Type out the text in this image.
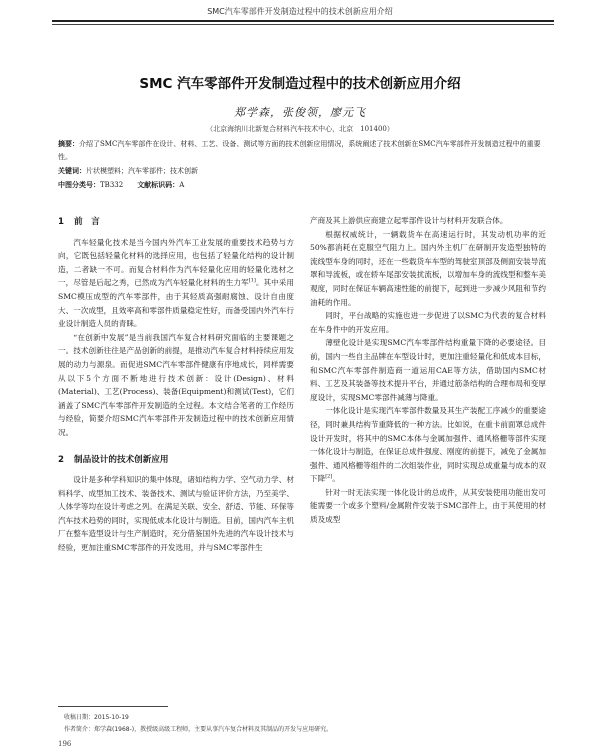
SMC汽车零部件开发制造过程中的技术创新应用介绍
SMC 汽车零部件开发制造过程中的技术创新应用介绍
郑学森，张俊领，廖元飞
（北京海纳川北新复合材料汽车技术中心，北京　101400）
摘要：介绍了SMC汽车零部件在设计、材料、工艺、设备、测试等方面的技术创新应用情况，系统阐述了技术创新在SMC汽车零部件开发制造过程中的重要性。
关键词：片状模塑料；汽车零部件；技术创新
中图分类号：TB332 文献标识码：A
1 前　言

汽车轻量化技术是当今国内外汽车工业发展的重要技术趋势与方向，它既包括轻量化材料的选择应用，也包括了轻量化结构的设计制造，二者缺一不可。而复合材料作为汽车轻量化应用的轻量化选材之一，尽管是后起之秀，已然成为汽车轻量化材料的生力军[1]。其中采用SMC模压成型的汽车零部件，由于其轻质高强耐腐蚀、设计自由度大、一次成型，且效率高和零部件质量稳定性好，而备受国内外汽车行业设计制造人员的青睐。

“在创新中发展”是当前我国汽车复合材料研究面临的主要课题之一。技术创新往往是产品创新的前提，是推动汽车复合材料持续应用发展的动力与源泉。而促进SMC汽车零部件健康有序地成长，同样需要从以下5个方面不断地进行技术创新：设计(Design)、材料(Material)、工艺(Process)、装备(Equipment)和测试(Test)，它们涵盖了SMC汽车零部件开发制造的全过程。本文结合笔者的工作经历与经验，简要介绍SMC汽车零部件开发制造过程中的技术创新应用情况。

2 制品设计的技术创新应用

设计是多种学科知识的集中体现，诸如结构力学、空气动力学、材料科学、成型加工技术、装备技术、测试与验证评价方法，乃至美学、人体学等均在设计考虑之列。在满足关联、安全、舒适、节能、环保等汽车技术趋势的同时，实现低成本化设计与制造。目前，国内汽车主机厂在整车造型设计与生产制造时，充分借鉴国外先进的汽车设计技术与经验，更加注重SMC零部件的开发选用，并与SMC零部件生

产商及其上游供应商建立起零部件设计与材料开发联合体。

根据权威统计，一辆载货车在高速运行时，其发动机功率的近50%都消耗在克服空气阻力上。国内外主机厂在研制开发造型独特的流线型车身的同时，还在一些载货车车型的驾驶室顶部及侧面安装导流罩和导流板，或在轿车尾部安装扰流板，以增加车身的流线型和整车美观度，同时在保证车辆高速性能的前提下，起到进一步减少风阻和节约油耗的作用。

同时，平台战略的实施也进一步促进了以SMC为代表的复合材料在车身件中的开发应用。

薄壁化设计是实现SMC汽车零部件结构重量下降的必要途径。目前，国内一些自主品牌在车型设计时，更加注重轻量化和低成本目标，和SMC汽车零部件制造商一道运用CAE等方法，借助国内SMC材料、工艺及其装备等技术提升平台，并通过筋条结构的合理布局和变厚度设计，实现SMC零部件减薄与降重。

一体化设计是实现汽车零部件数量及其生产装配工序减少的重要途径，同时兼具结构节重降低的一种方法。比如说，在重卡前面罩总成件设计开发时，将其中的SMC本体与金属加强件、通风格栅等部件实现一体化设计与制造，在保证总成件强度、刚度的前提下，减免了金属加强件、通风格栅等组件的二次组装作业，同时实现总成重量与成本的双下降[2]。

针对一时无法实现一体化设计的总成件，从其安装使用功能出发可能需要一个或多个塑料/金属附件安装于SMC部件上，由于其使用的材质及成型

收稿日期：2015-10-19
作者简介：郑学森(1968-)，教授级高级工程师，主要从事汽车复合材料及其制品的开发与应用研究。
196
